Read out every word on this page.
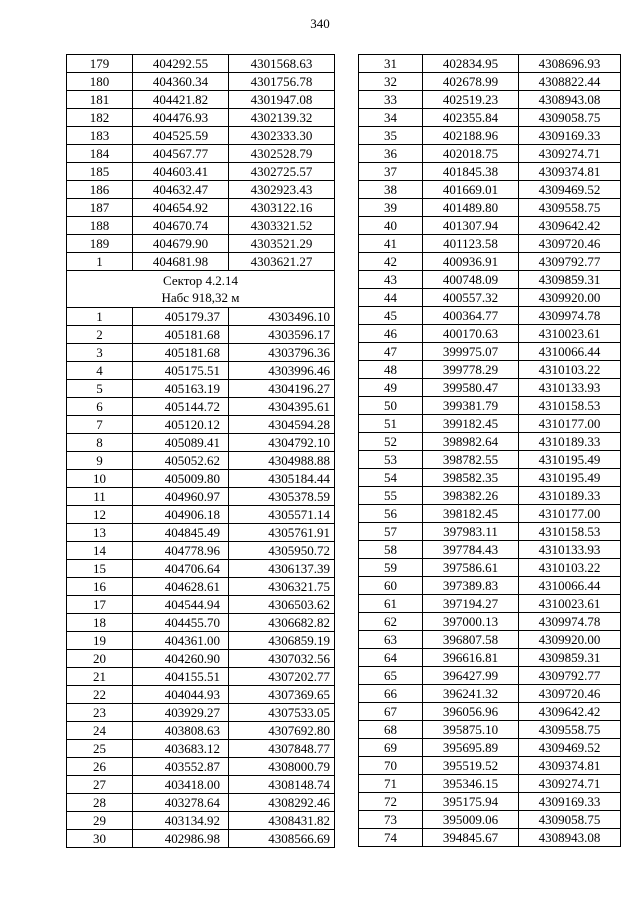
340
179	404292.55	4301568.63
180	404360.34	4301756.78
181	404421.82	4301947.08
182	404476.93	4302139.32
183	404525.59	4302333.30
184	404567.77	4302528.79
185	404603.41	4302725.57
186	404632.47	4302923.43
187	404654.92	4303122.16
188	404670.74	4303321.52
189	404679.90	4303521.29
1	404681.98	4303621.27

Сектор 4.2.14
Нaбс 918,32 м		

1	405179.37	4303496.10
2	405181.68	4303596.17
3	405181.68	4303796.36
4	405175.51	4303996.46
5	405163.19	4304196.27
6	405144.72	4304395.61
7	405120.12	4304594.28
8	405089.41	4304792.10
9	405052.62	4304988.88
10	405009.80	4305184.44
11	404960.97	4305378.59
12	404906.18	4305571.14
13	404845.49	4305761.91
14	404778.96	4305950.72
15	404706.64	4306137.39
16	404628.61	4306321.75
17	404544.94	4306503.62
18	404455.70	4306682.82
19	404361.00	4306859.19
20	404260.90	4307032.56
21	404155.51	4307202.77
22	404044.93	4307369.65
23	403929.27	4307533.05
24	403808.63	4307692.80
25	403683.12	4307848.77
26	403552.87	4308000.79
27	403418.00	4308148.74
28	403278.64	4308292.46
29	403134.92	4308431.82
30	402986.98	4308566.69
31	402834.95	4308696.93
32	402678.99	4308822.44
33	402519.23	4308943.08
34	402355.84	4309058.75
35	402188.96	4309169.33
36	402018.75	4309274.71
37	401845.38	4309374.81
38	401669.01	4309469.52
39	401489.80	4309558.75
40	401307.94	4309642.42
41	401123.58	4309720.46
42	400936.91	4309792.77
43	400748.09	4309859.31
44	400557.32	4309920.00
45	400364.77	4309974.78
46	400170.63	4310023.61
47	399975.07	4310066.44
48	399778.29	4310103.22
49	399580.47	4310133.93
50	399381.79	4310158.53
51	399182.45	4310177.00
52	398982.64	4310189.33
53	398782.55	4310195.49
54	398582.35	4310195.49
55	398382.26	4310189.33
56	398182.45	4310177.00
57	397983.11	4310158.53
58	397784.43	4310133.93
59	397586.61	4310103.22
60	397389.83	4310066.44
61	397194.27	4310023.61
62	397000.13	4309974.78
63	396807.58	4309920.00
64	396616.81	4309859.31
65	396427.99	4309792.77
66	396241.32	4309720.46
67	396056.96	4309642.42
68	395875.10	4309558.75
69	395695.89	4309469.52
70	395519.52	4309374.81
71	395346.15	4309274.71
72	395175.94	4309169.33
73	395009.06	4309058.75
74	394845.67	4308943.08
